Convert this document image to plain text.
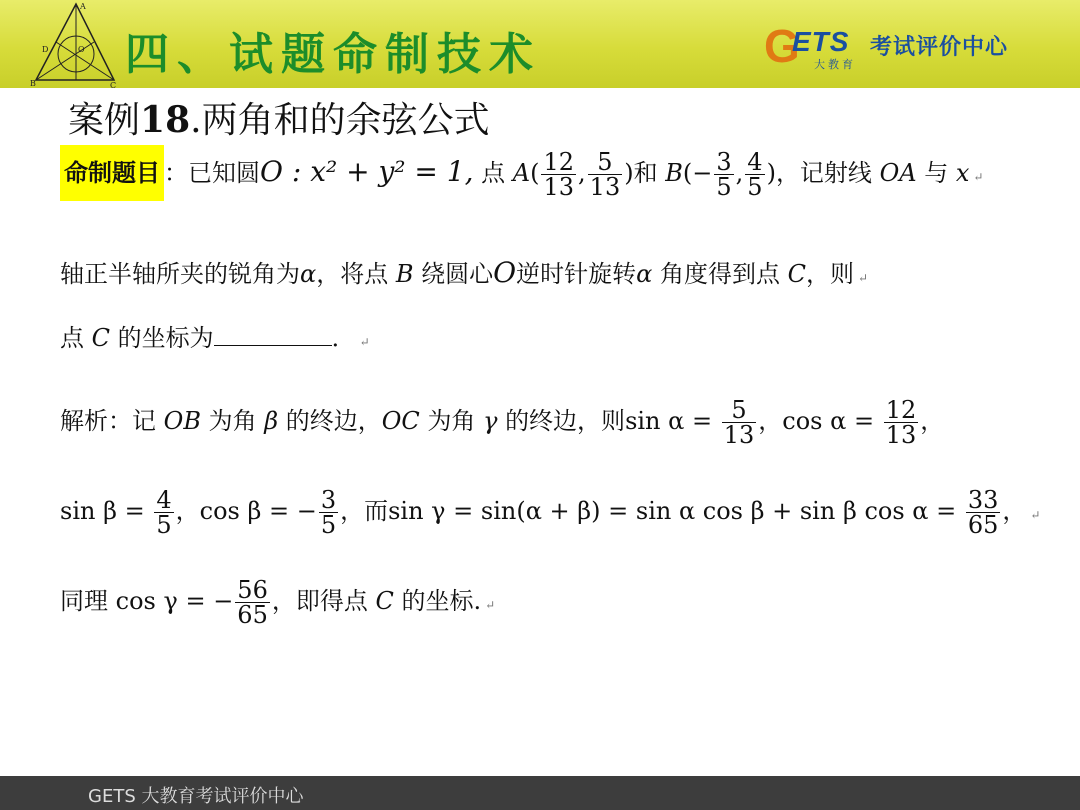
A
B	C
D	O 四、试题命制技术	G
ETS
大教育
考试评价中心
案例18.两角和的余弦公式
命制题目 ：已知圆O : x² + y² = 1, 点 $A( \frac{12}{13}$ , $\frac{5}{13}$ )和 $B(- \frac{3}{5}$ , $\frac{4}{5}$ )，记射线 OA 与 x ↵
轴正半轴所夹的锐角为α，将点 B 绕圆心O逆时针旋转α 角度得到点 C，则 ↵
点 C 的坐标为	． ↵
解析：记 OB 为角 β 的终边，OC 为角 γ 的终边，则$\sin \alpha = \frac{5}{13}$ ，$\cos \alpha = \frac{12}{13}$ ，
$\sin \beta = \frac{4}{5}$ ，cos β = − $\frac{3}{5}$ ，而sin γ = sin(α + β) = sin α cos β + sin β $\cos \alpha = \frac{33}{65}$ ， ↵
同理 cos γ = − $\frac{56}{65}$ ，即得点 C 的坐标. ↵
GETS 大教育考试评价中心
